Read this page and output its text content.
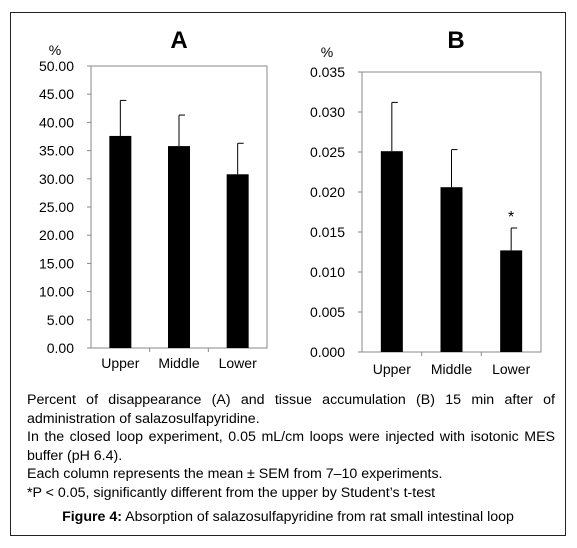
A
%
0.00
5.00
10.00
15.00
20.00
25.00
30.00
35.00
40.00
45.00
50.00
Upper Middle Lower
B
%
0.000
0.005
0.010
0.015
0.020
0.025
0.030
0.035
*
Upper Middle Lower

Percent of disappearance (A) and tissue accumulation (B) 15 min after of administration of salazosulfapyridine.

In the closed loop experiment, 0.05 mL/cm loops were injected with isotonic MES buffer (pH 6.4).

Each column represents the mean ± SEM from 7–10 experiments.

*P < 0.05, significantly different from the upper by Student’s t-test

Figure 4: Absorption of salazosulfapyridine from rat small intestinal loop
